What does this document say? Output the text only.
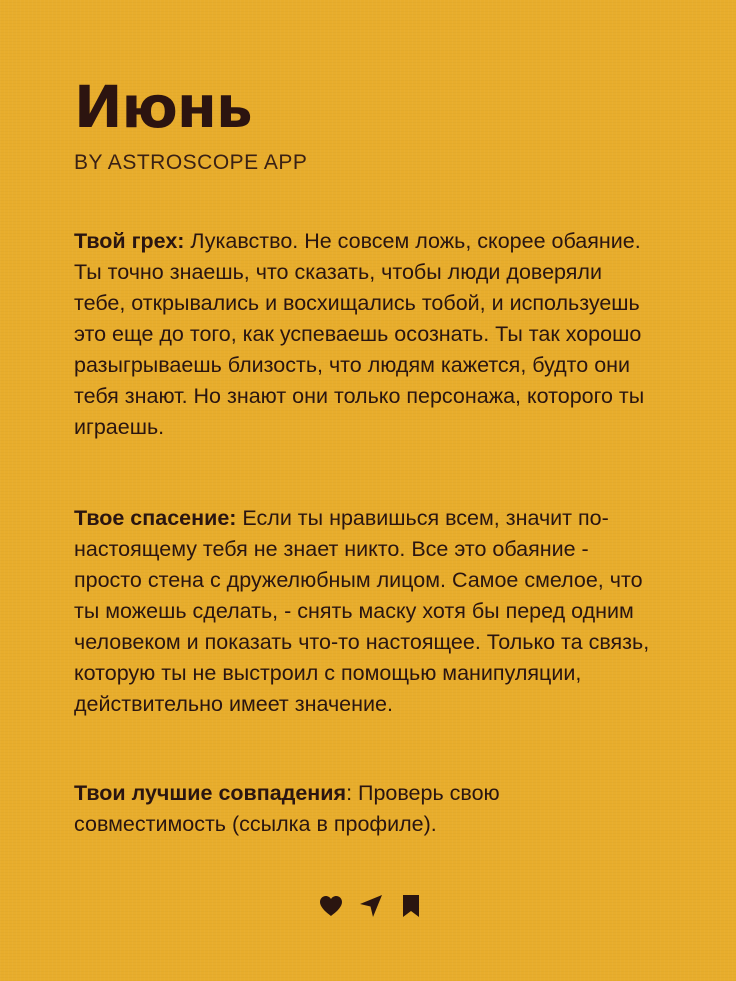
Июнь
BY ASTROSCOPE APP

Твой грех: Лукавство. Не совсем ложь, скорее обаяние. Ты точно знаешь, что сказать, чтобы люди доверяли тебе, открывались и восхищались тобой, и используешь это еще до того, как успеваешь осознать. Ты так хорошо разыгрываешь близость, что людям кажется, будто они тебя знают. Но знают они только персонажа, которого ты играешь.

Твое спасение: Если ты нравишься всем, значит по-настоящему тебя не знает никто. Все это обаяние - просто стена с дружелюбным лицом. Самое смелое, что ты можешь сделать, - снять маску хотя бы перед одним человеком и показать что-то настоящее. Только та связь, которую ты не выстроил с помощью манипуляции, действительно имеет значение.

Твои лучшие совпадения: Проверь свою совместимость (ссылка в профиле).
